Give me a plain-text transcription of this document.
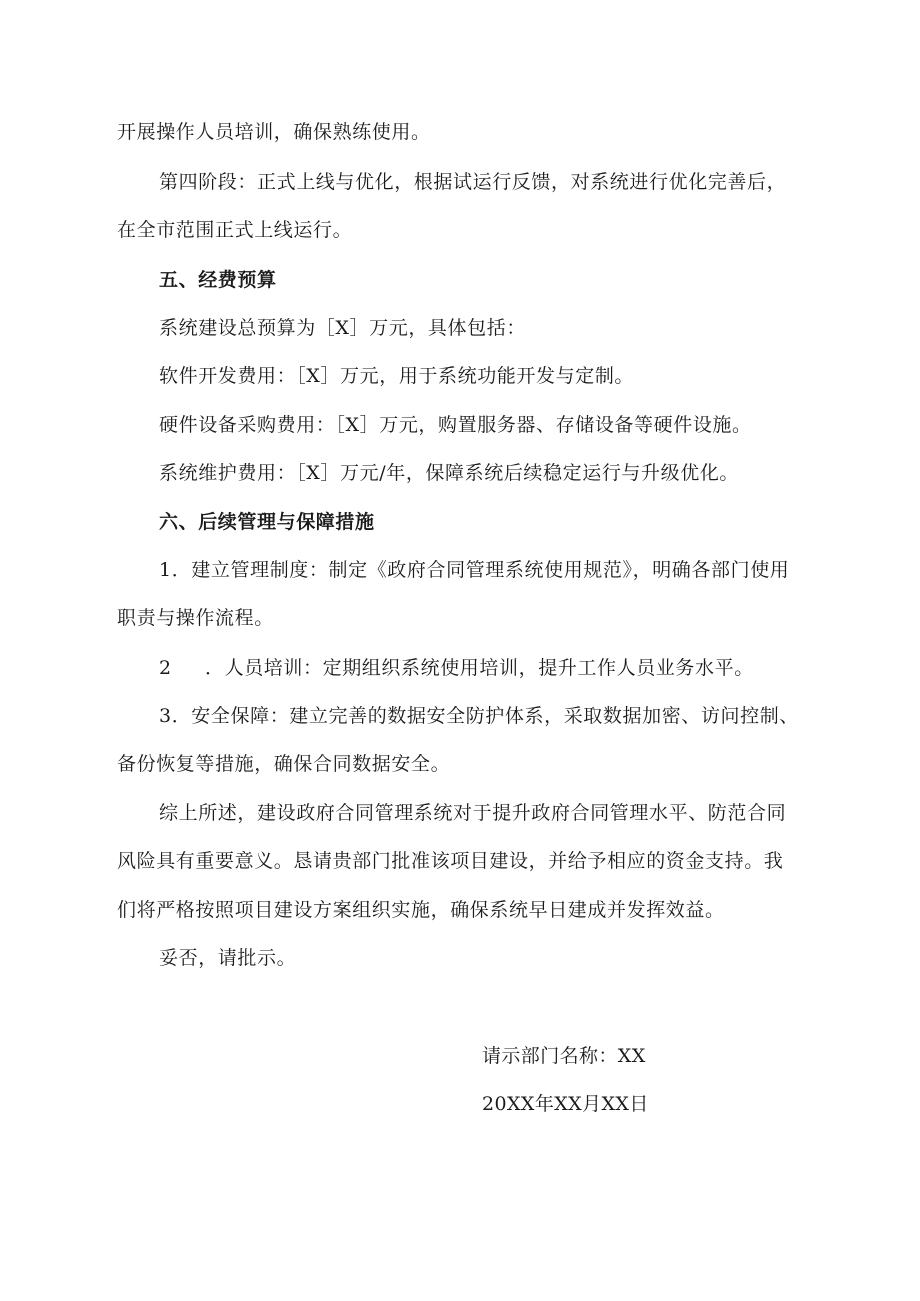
开展操作人员培训，确保熟练使用。
第四阶段：正式上线与优化，根据试运行反馈，对系统进行优化完善后，
在全市范围正式上线运行。
五、经费预算
系统建设总预算为［X］万元，具体包括：
软件开发费用：［X］万元，用于系统功能开发与定制。
硬件设备采购费用：［X］万元，购置服务器、存储设备等硬件设施。
系统维护费用：［X］万元/年，保障系统后续稳定运行与升级优化。
六、后续管理与保障措施
1．建立管理制度：制定《政府合同管理系统使用规范》，明确各部门使用
职责与操作流程。
2 ．人员培训：定期组织系统使用培训，提升工作人员业务水平。
3．安全保障：建立完善的数据安全防护体系，采取数据加密、访问控制、
备份恢复等措施，确保合同数据安全。
综上所述，建设政府合同管理系统对于提升政府合同管理水平、防范合同
风险具有重要意义。恳请贵部门批准该项目建设，并给予相应的资金支持。我
们将严格按照项目建设方案组织实施，确保系统早日建成并发挥效益。
妥否，请批示。
请示部门名称：XX
20XX年XX月XX日
